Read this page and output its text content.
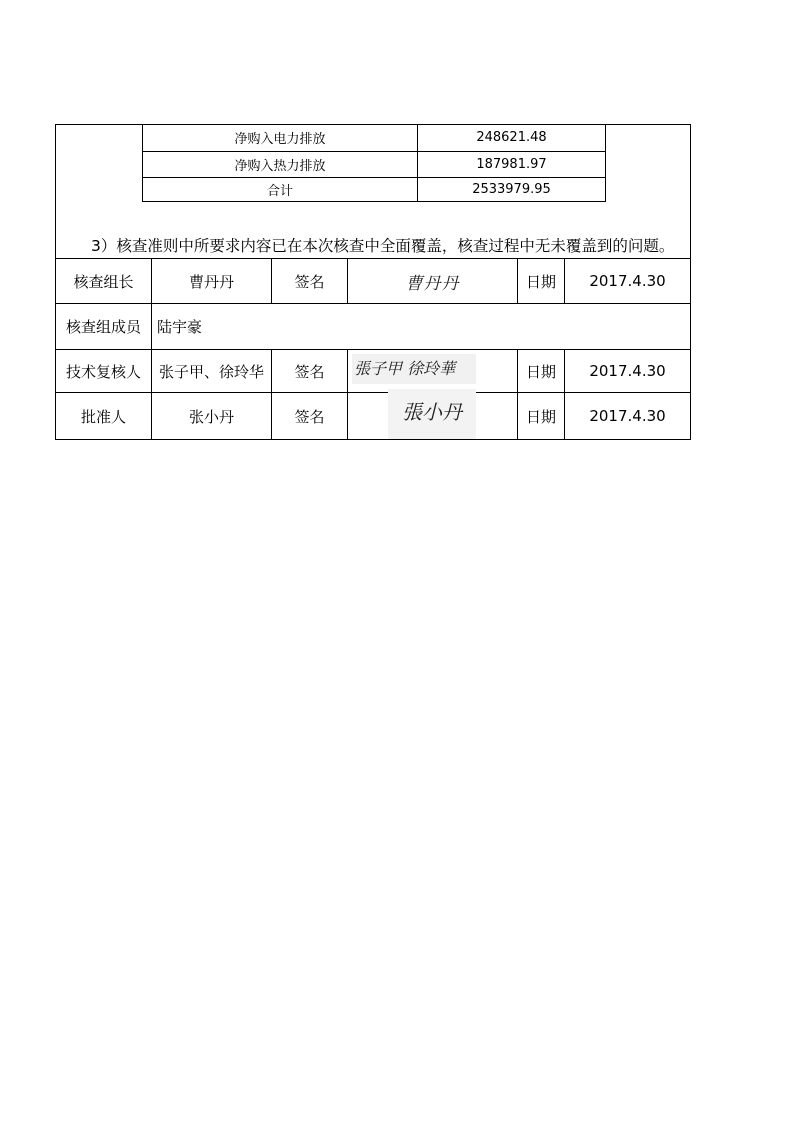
净购入电力排放	248621.48
净购入热力排放	187981.97
合计	2533979.95
3）核查准则中所要求内容已在本次核查中全面覆盖，核查过程中无未覆盖到的问题。
核查组长	曹丹丹	签名	曹丹丹	日期	2017.4.30
核查组成员	陆宇豪				
技术复核人	张子甲、徐玲华	签名	張子甲 徐玲華	日期	2017.4.30
批准人	张小丹	签名	張小丹	日期	2017.4.30
